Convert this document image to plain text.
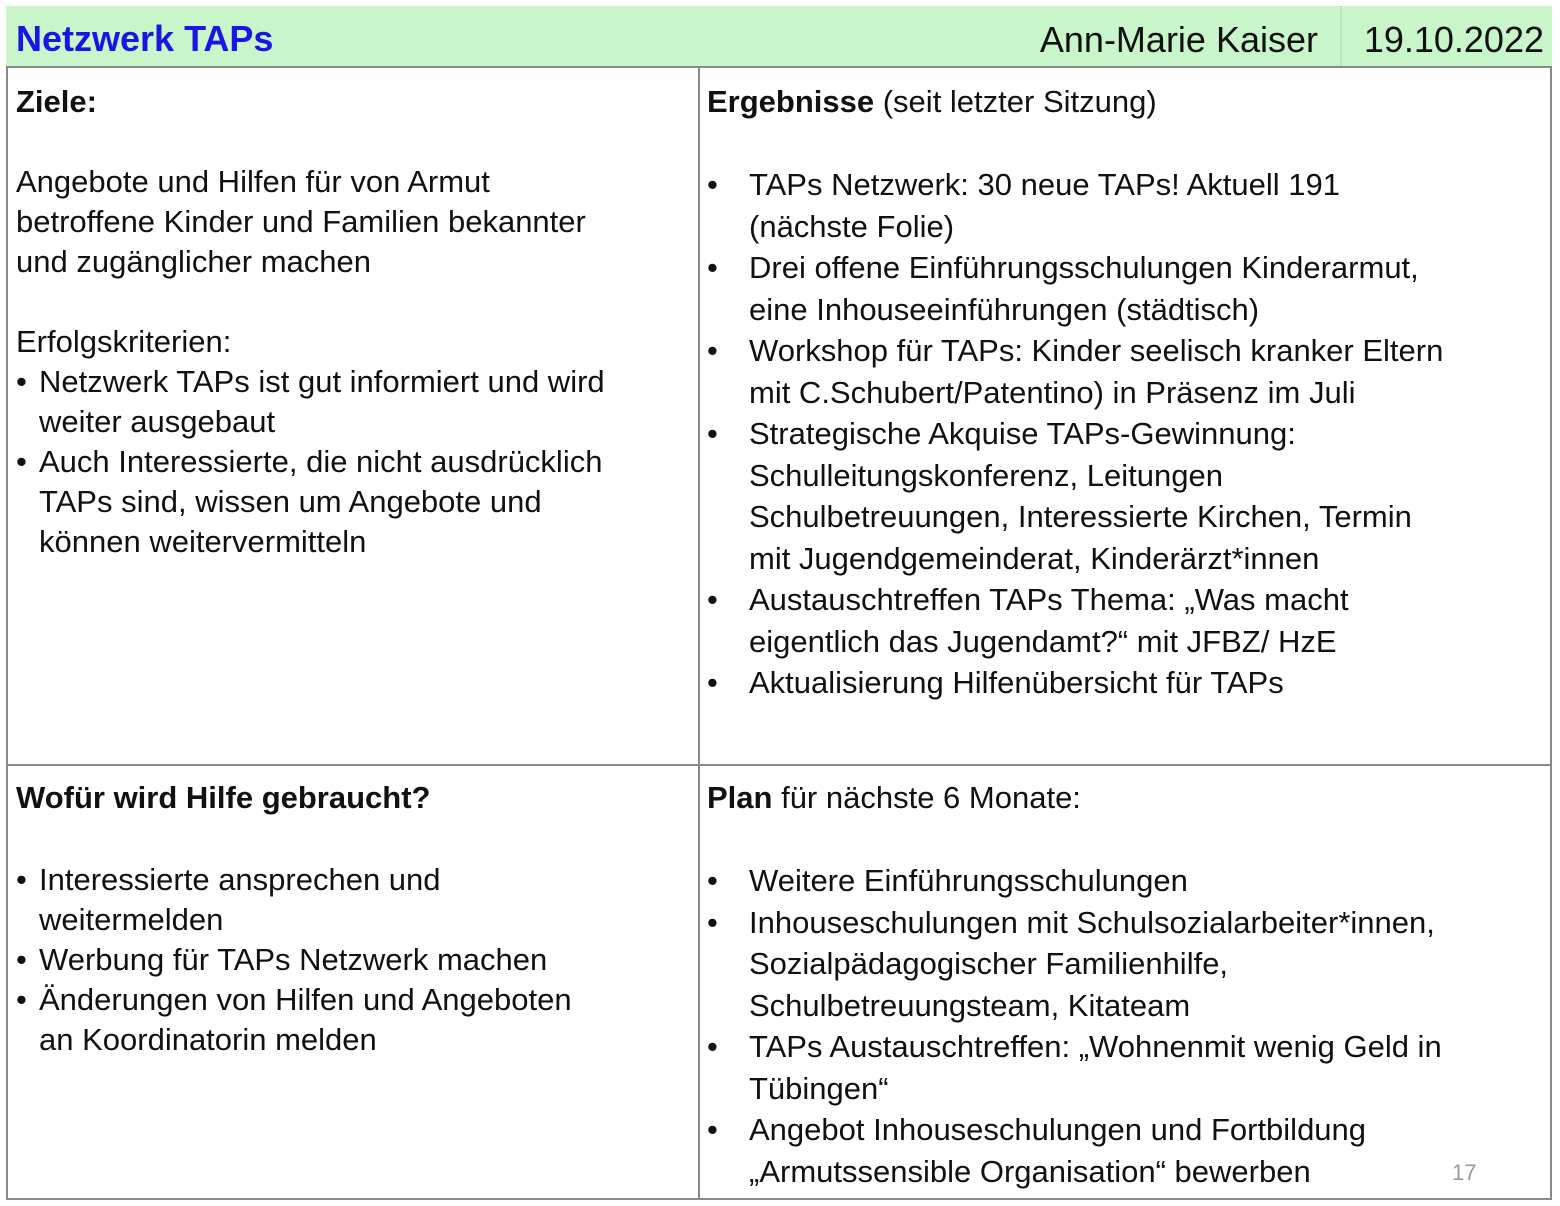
Netzwerk TAPs	Ann-Marie Kaiser 19.10.2022

Ziele:

Angebote und Hilfen für von Armut
betroffene Kinder und Familien bekannter
und zugänglicher machen

Erfolgskriterien:

• Netzwerk TAPs ist gut informiert und wird
weiter ausgebaut
• Auch Interessierte, die nicht ausdrücklich
TAPs sind, wissen um Angebote und
können weitervermitteln

Ergebnisse (seit letzter Sitzung)

• TAPs Netzwerk: 30 neue TAPs! Aktuell 191
(nächste Folie)
• Drei offene Einführungsschulungen Kinderarmut,
eine Inhouseeinführungen (städtisch)
• Workshop für TAPs: Kinder seelisch kranker Eltern
mit C.Schubert/Patentino) in Präsenz im Juli
• Strategische Akquise TAPs-Gewinnung:
Schulleitungskonferenz, Leitungen
Schulbetreuungen, Interessierte Kirchen, Termin
mit Jugendgemeinderat, Kinderärzt*innen
• Austauschtreffen TAPs Thema: „Was macht
eigentlich das Jugendamt?“ mit JFBZ/ HzE
• Aktualisierung Hilfenübersicht für TAPs

Wofür wird Hilfe gebraucht?

• Interessierte ansprechen und
weitermelden
• Werbung für TAPs Netzwerk machen
• Änderungen von Hilfen und Angeboten
an Koordinatorin melden

Plan für nächste 6 Monate:

• Weitere Einführungsschulungen
• Inhouseschulungen mit Schulsozialarbeiter*innen,
Sozialpädagogischer Familienhilfe,
Schulbetreuungsteam, Kitateam
• TAPs Austauschtreffen: „Wohnenmit wenig Geld in
Tübingen“
• Angebot Inhouseschulungen und Fortbildung
„Armutssensible Organisation“ bewerben	17
